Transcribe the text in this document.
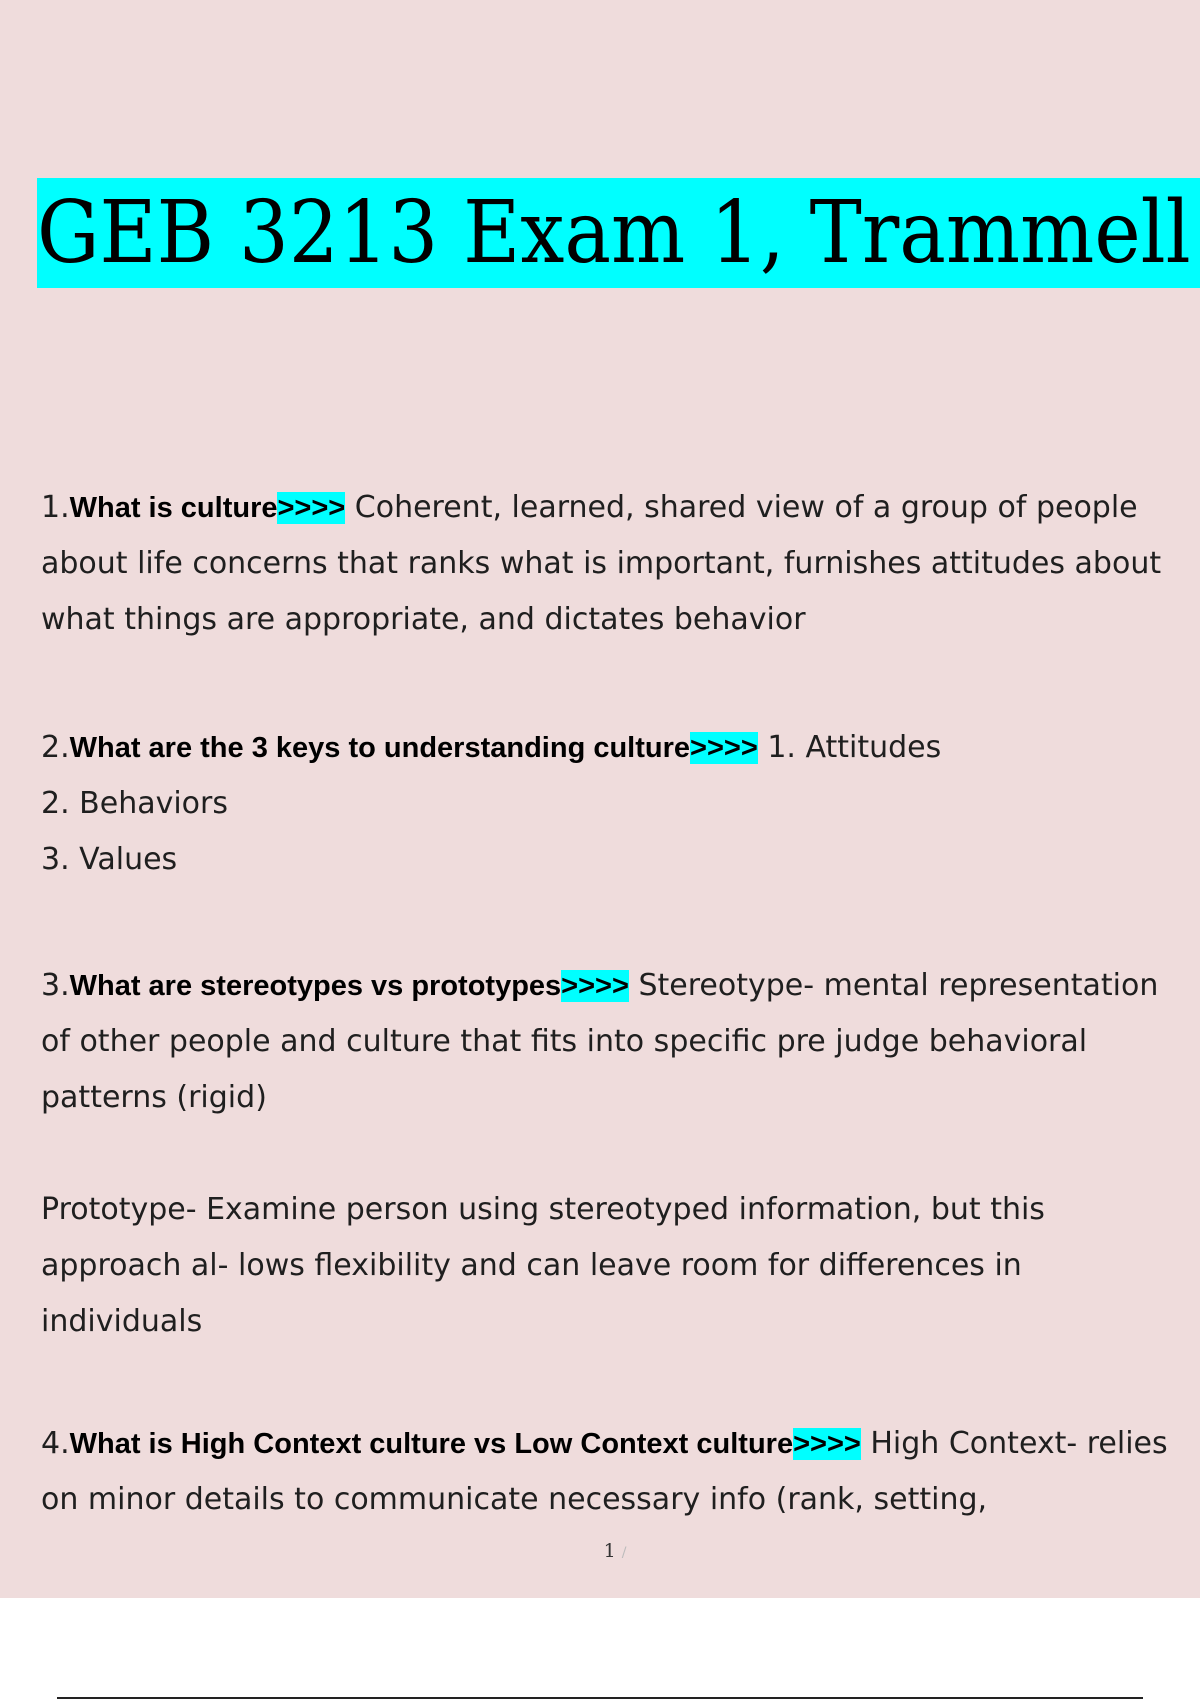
GEB 3213 Exam 1, Trammell

1.What is culture>>>> Coherent, learned, shared view of a group of people about life concerns that ranks what is important, furnishes attitudes about what things are appropriate, and dictates behavior

2.What are the 3 keys to understanding culture>>>> 1. Attitudes

2. Behaviors

3. Values

3.What are stereotypes vs prototypes>>>> Stereotype- mental representation of other people and culture that fits into specific pre judge behavioral patterns (rigid)

Prototype- Examine person using stereotyped information, but this approach al- lows flexibility and can leave room for differences in individuals

4.What is High Context culture vs Low Context culture>>>> High Context- relies on minor details to communicate necessary info (rank, setting,

1 /
